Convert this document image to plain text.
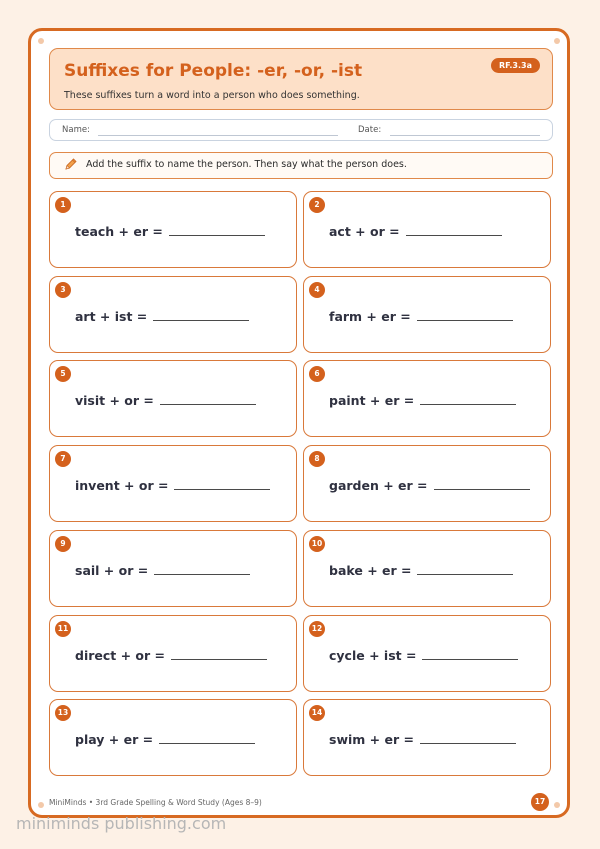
Suffixes for People: -er, -or, -ist
These suffixes turn a word into a person who does something.
RF.3.3a
Name:	Date:
Add the suffix to name the person. Then say what the person does.
1
teach + er =
2
act + or =
3
art + ist =
4
farm + er =
5
visit + or =
6
paint + er =
7
invent + or =
8
garden + er =
9
sail + or =
10
bake + er =
11
direct + or =
12
cycle + ist =
13
play + er =
14
swim + er =
MiniMinds • 3rd Grade Spelling & Word Study (Ages 8–9)	17
miniminds publishing.com
